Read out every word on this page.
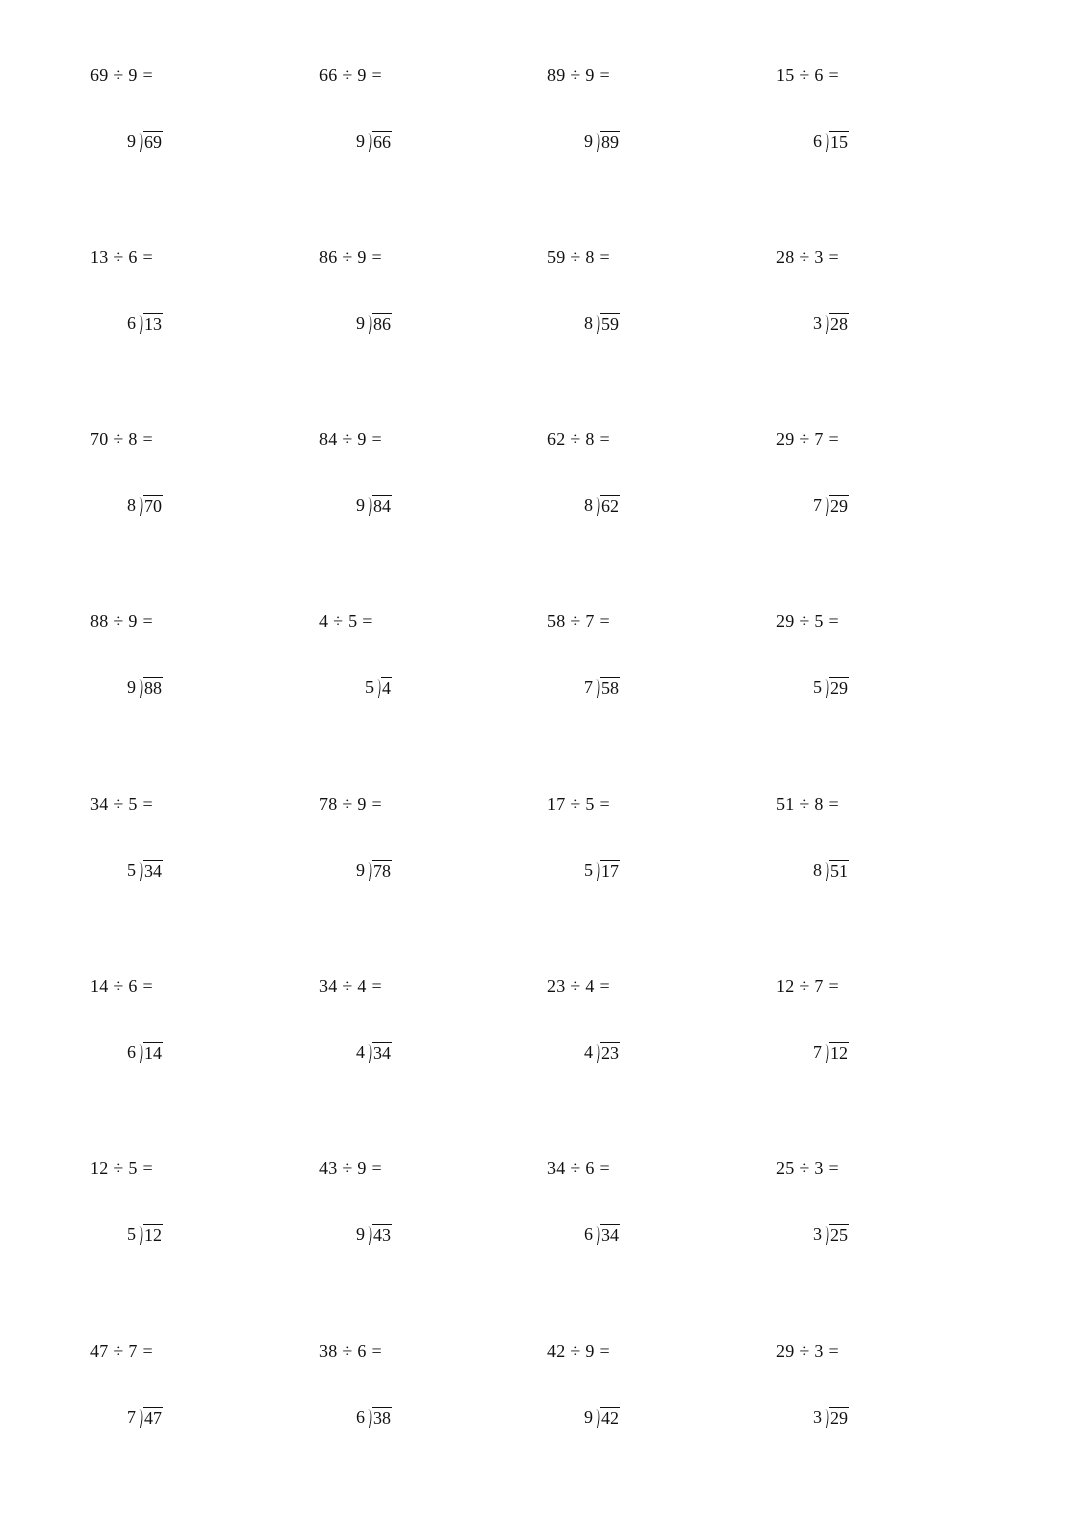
69 ÷ 9 =
9 69
66 ÷ 9 =
9 66
89 ÷ 9 =
9 89
15 ÷ 6 =
6 15
13 ÷ 6 =
6 13
86 ÷ 9 =
9 86
59 ÷ 8 =
8 59
28 ÷ 3 =
3 28
70 ÷ 8 =
8 70
84 ÷ 9 =
9 84
62 ÷ 8 =
8 62
29 ÷ 7 =
7 29
88 ÷ 9 =
9 88
4 ÷ 5 =
5 4
58 ÷ 7 =
7 58
29 ÷ 5 =
5 29
34 ÷ 5 =
5 34
78 ÷ 9 =
9 78
17 ÷ 5 =
5 17
51 ÷ 8 =
8 51
14 ÷ 6 =
6 14
34 ÷ 4 =
4 34
23 ÷ 4 =
4 23
12 ÷ 7 =
7 12
12 ÷ 5 =
5 12
43 ÷ 9 =
9 43
34 ÷ 6 =
6 34
25 ÷ 3 =
3 25
47 ÷ 7 =
7 47
38 ÷ 6 =
6 38
42 ÷ 9 =
9 42
29 ÷ 3 =
3 29
